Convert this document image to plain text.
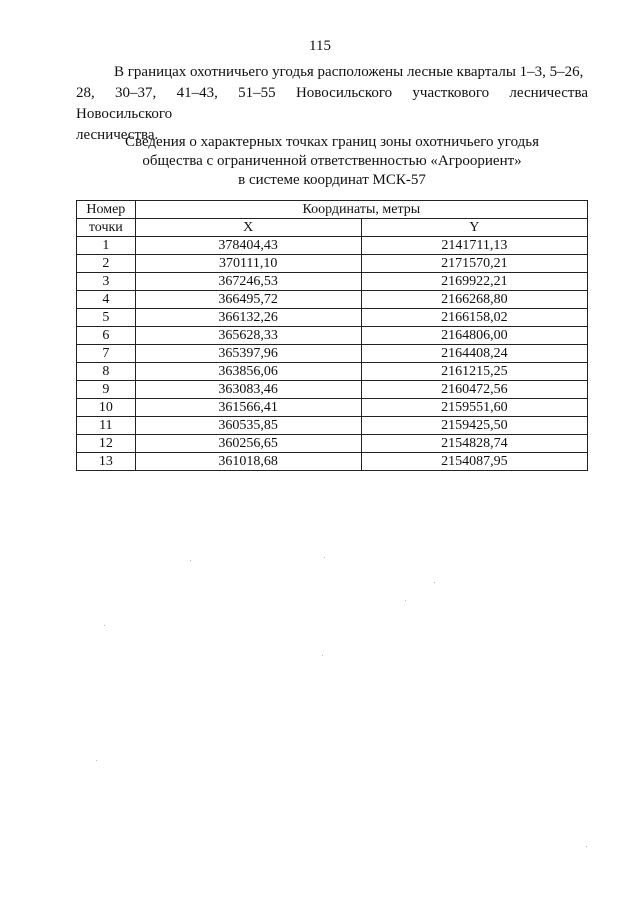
115

В границах охотничьего угодья расположены лесные кварталы 1–3, 5–26,
28, 30–37, 41–43, 51–55 Новосильского участкового лесничества Новосильского
лесничества.

Сведения о характерных точках границ зоны охотничьего угодья
общества с ограниченной ответственностью «Агроориент»
в системе координат МСК-57
Номер	Координаты, метры	
точки	X	Y
1	378404,43	2141711,13
2	370111,10	2171570,21
3	367246,53	2169922,21
4	366495,72	2166268,80
5	366132,26	2166158,02
6	365628,33	2164806,00
7	365397,96	2164408,24
8	363856,06	2161215,25
9	363083,46	2160472,56
10	361566,41	2159551,60
11	360535,85	2159425,50
12	360256,65	2154828,74
13	361018,68	2154087,95
